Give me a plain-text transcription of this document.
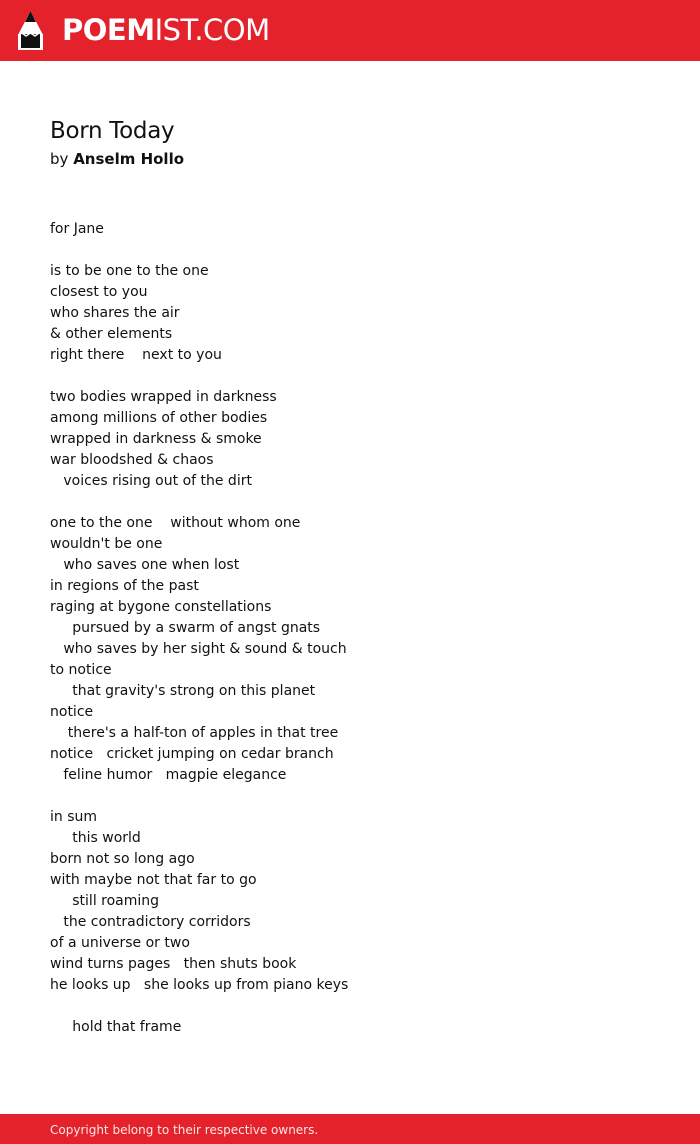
POEMIST.COM
Born Today
by Anselm Hollo
for Jane

is to be one to the one
closest to you
who shares the air
& other elements
right there    next to you

two bodies wrapped in darkness
among millions of other bodies
wrapped in darkness & smoke
war bloodshed & chaos
voices rising out of the dirt

one to the one    without whom one
wouldn't be one
who saves one when lost
in regions of the past
raging at bygone constellations
pursued by a swarm of angst gnats
who saves by her sight & sound & touch
to notice
that gravity's strong on this planet
notice
there's a half-ton of apples in that tree
notice   cricket jumping on cedar branch
feline humor   magpie elegance

in sum
this world
born not so long ago
with maybe not that far to go
still roaming
the contradictory corridors
of a universe or two
wind turns pages   then shuts book
he looks up   she looks up from piano keys

hold that frame
Copyright belong to their respective owners.
